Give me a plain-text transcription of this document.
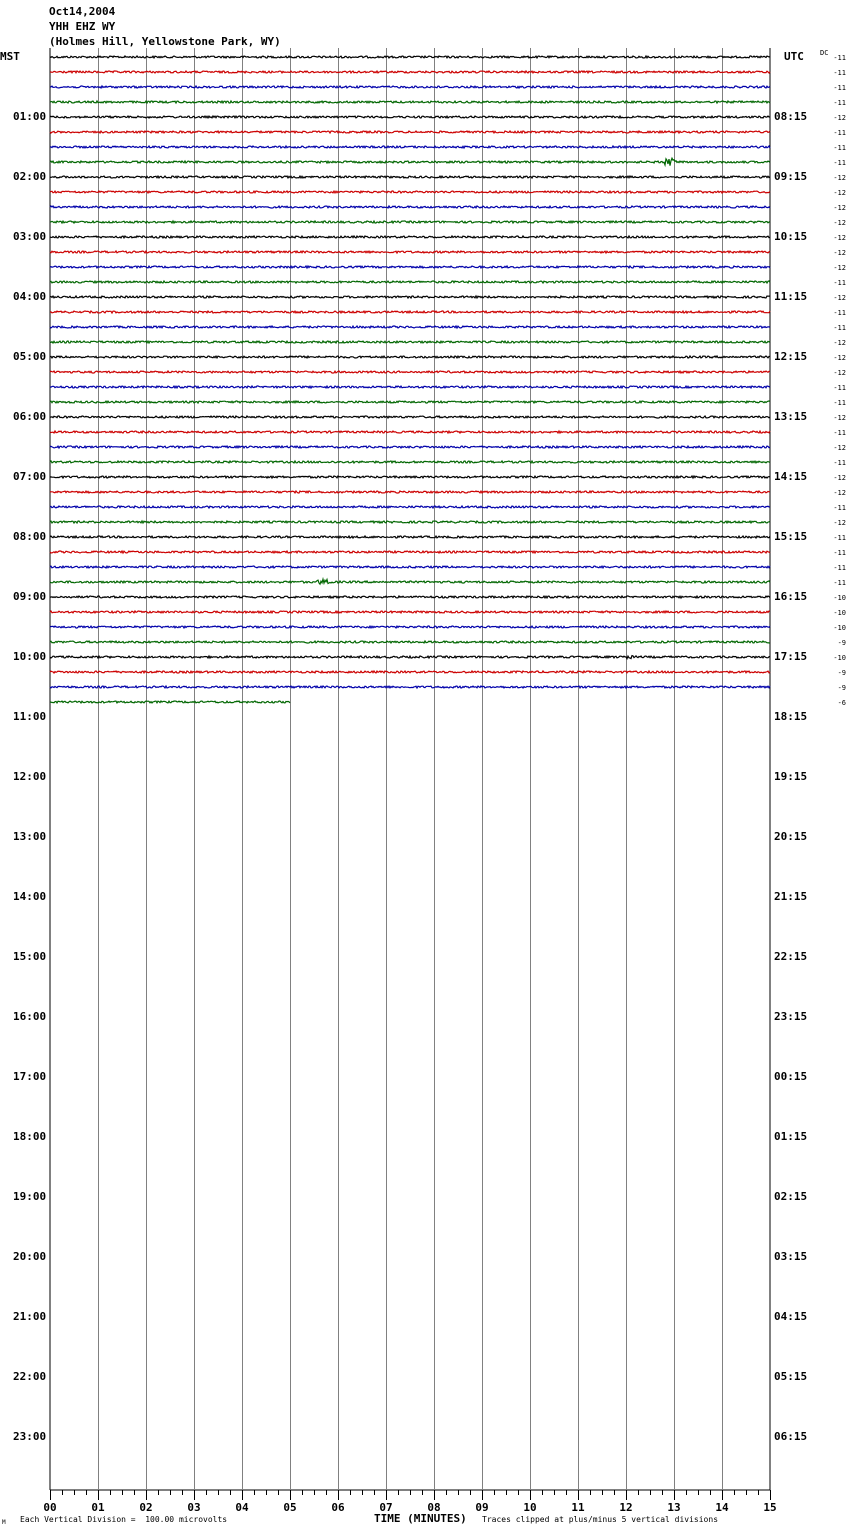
Oct14,2004
YHH EHZ WY
(Holmes Hill, Yellowstone Park, WY)
MST	UTC DC
00	01	02	03	04	05	06	07	08	09	10	11	12	13	14	15
01:00
02:00
03:00
04:00
05:00
06:00
07:00
08:00
09:00
10:00
11:00
12:00
13:00
14:00
15:00
16:00
17:00
18:00
19:00
20:00
21:00
22:00
23:00
08:15
09:15
10:15
11:15
12:15
13:15
14:15
15:15
16:15
17:15
18:15
19:15
20:15
21:15
22:15
23:15
00:15
01:15
02:15
03:15
04:15
05:15
06:15
-11
-11
-11
-11
-12
-11
-11
-11
-12
-12
-12
-12
-12
-12
-12
-11
-12
-11
-11
-12
-12
-12
-11
-11
-12
-11
-12
-11
-12
-12
-11
-12
-11
-11
-11
-11
-10
-10
-10
-9
-10
-9
-9
-6
M Each Vertical Division =  100.00 microvolts	TIME (MINUTES) Traces clipped at plus/minus 5 vertical divisions
